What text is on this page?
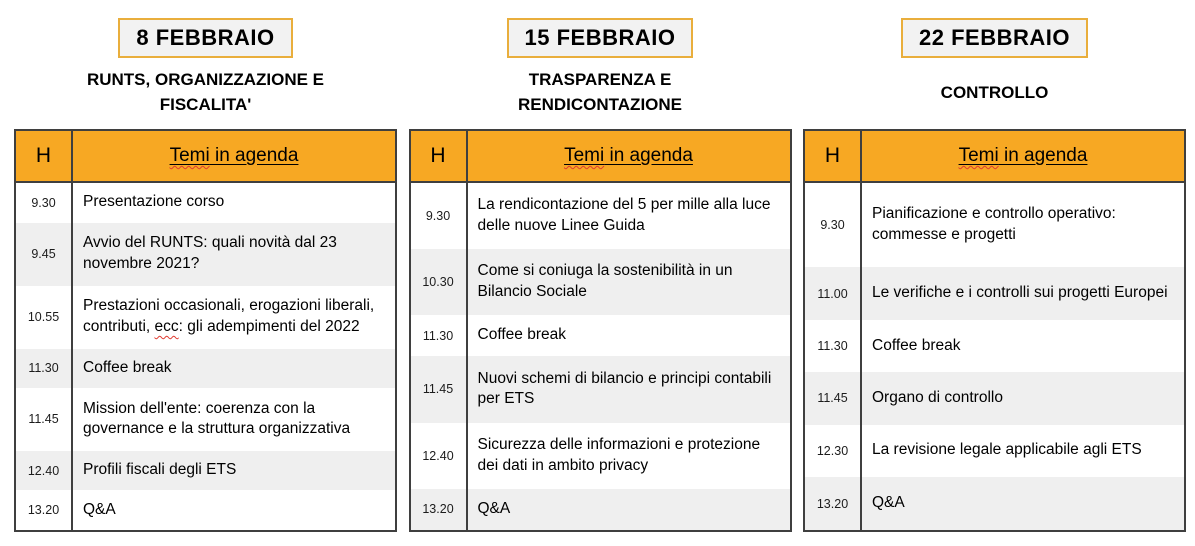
8 FEBBRAIO
RUNTS, ORGANIZZAZIONE E FISCALITA'
H	Temi in agenda
9.30	Presentazione corso
9.45	Avvio del RUNTS: quali novità dal 23 novembre 2021?
10.55	Prestazioni occasionali, erogazioni liberali, contributi, ecc: gli adempimenti del 2022
11.30	Coffee break
11.45	Mission dell'ente: coerenza con la governance e la struttura organizzativa
12.40	Profili fiscali degli ETS
13.20	Q&A
15 FEBBRAIO
TRASPARENZA E RENDICONTAZIONE
H	Temi in agenda
9.30	La rendicontazione del 5 per mille alla luce delle nuove Linee Guida
10.30	Come si coniuga la sostenibilità in un Bilancio Sociale
11.30	Coffee break
11.45	Nuovi schemi di bilancio e principi contabili per ETS
12.40	Sicurezza delle informazioni e protezione dei dati in ambito privacy
13.20	Q&A
22 FEBBRAIO
CONTROLLO
H	Temi in agenda
9.30	Pianificazione e controllo operativo: commesse e progetti
11.00	Le verifiche e i controlli sui progetti Europei
11.30	Coffee break
11.45	Organo di controllo
12.30	La revisione legale applicabile agli ETS
13.20	Q&A
